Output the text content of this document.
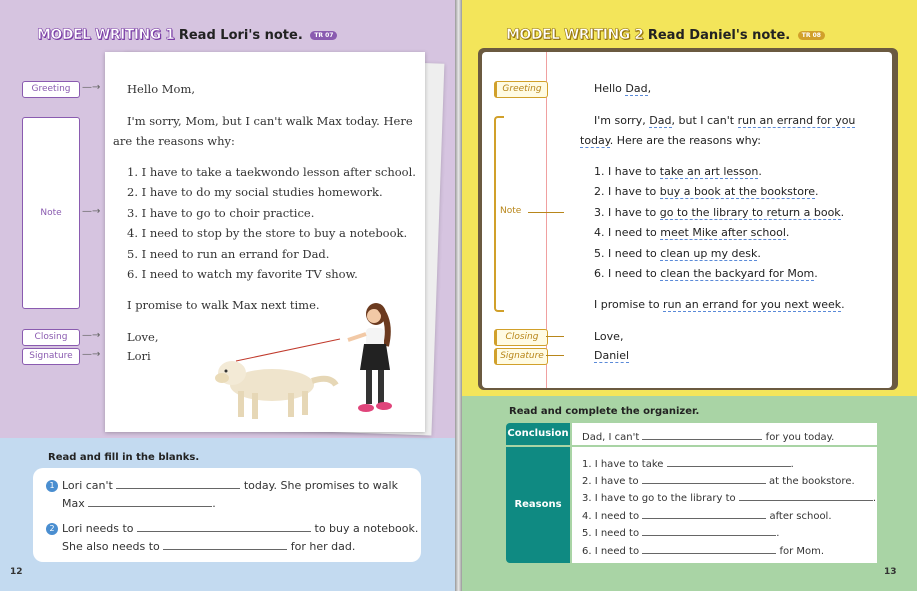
MODEL WRITING 1 Read Lori's note. TR 07
Greeting	—→
Note	—→
Closing	—→
Signature —→
Hello Mom,
I'm sorry, Mom, but I can't walk Max today. Here
are the reasons why:
1. I have to take a taekwondo lesson after school.
2. I have to do my social studies homework.
3. I have to go to choir practice.
4. I need to stop by the store to buy a notebook.
5. I need to run an errand for Dad.
6. I need to watch my favorite TV show.
I promise to walk Max next time.
Love,
Lori
Read and fill in the blanks.
1 Lori can't	today. She promises to walk
Max	.
2 Lori needs to	to buy a notebook.
She also needs to	for her dad.
12
MODEL WRITING 2 Read Daniel's note. TR 08
Greeting
Note
Closing
Signature
Hello Dad,
I'm sorry, Dad, but I can't run an errand for you
today. Here are the reasons why:
1. I have to take an art lesson.
2. I have to buy a book at the bookstore.
3. I have to go to the library to return a book.
4. I need to meet Mike after school.
5. I need to clean up my desk.
6. I need to clean the backyard for Mom.
I promise to run an errand for you next week.
Love,
Daniel
Read and complete the organizer.
Conclusion Dad, I can't	for you today.
Reasons
1. I have to take	.
2. I have to	at the bookstore.
3. I have to go to the library to	.
4. I need to	after school.
5. I need to	.
6. I need to	for Mom.
13
